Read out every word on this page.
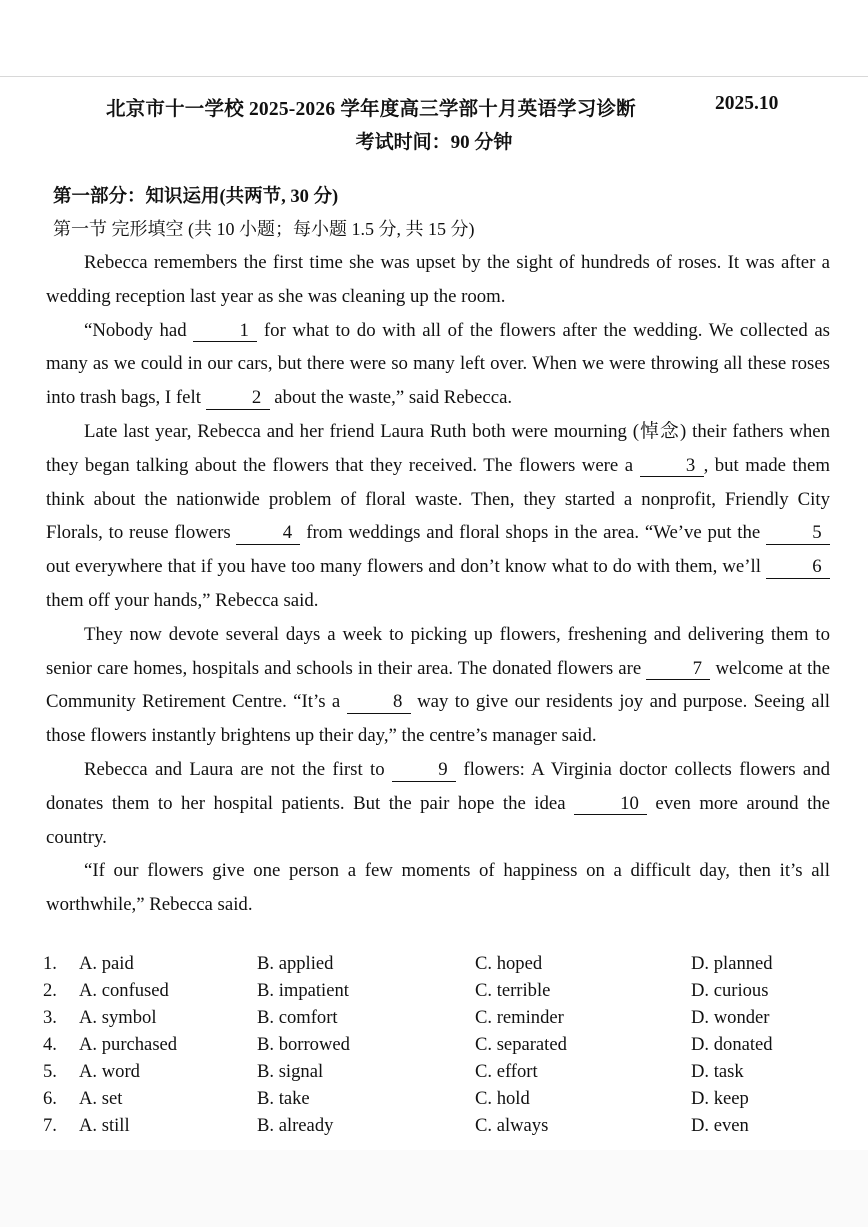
北京市十一学校 2025-2026 学年度高三学部十月英语学习诊断	2025.10
考试时间：90 分钟
第一部分：知识运用(共两节, 30 分)
第一节 完形填空 (共 10 小题；每小题 1.5 分, 共 15 分)

Rebecca remembers the first time she was upset by the sight of hundreds of roses. It was after a wedding reception last year as she was cleaning up the room.

“Nobody had 1 for what to do with all of the flowers after the wedding. We collected as many as we could in our cars, but there were so many left over. When we were throwing all these roses into trash bags, I felt 2 about the waste,” said Rebecca.

Late last year, Rebecca and her friend Laura Ruth both were mourning (悼念) their fathers when they began talking about the flowers that they received. The flowers were a 3 , but made them think about the nationwide problem of floral waste. Then, they started a nonprofit, Friendly City Florals, to reuse flowers 4 from weddings and floral shops in the area. “We’ve put the 5 out everywhere that if you have too many flowers and don’t know what to do with them, we’ll 6 them off your hands,” Rebecca said.

They now devote several days a week to picking up flowers, freshening and delivering them to senior care homes, hospitals and schools in their area. The donated flowers are 7 welcome at the Community Retirement Centre. “It’s a 8 way to give our residents joy and purpose. Seeing all those flowers instantly brightens up their day,” the centre’s manager said.

Rebecca and Laura are not the first to 9 flowers: A Virginia doctor collects flowers and donates them to her hospital patients. But the pair hope the idea 10 even more around the country.

“If our flowers give one person a few moments of happiness on a difficult day, then it’s all worthwhile,” Rebecca said.

1. A. paid	B. applied	C. hoped	D. planned
2. A. confused	B. impatient	C. terrible	D. curious
3. A. symbol	B. comfort	C. reminder	D. wonder
4. A. purchased	B. borrowed	C. separated	D. donated
5. A. word	B. signal	C. effort	D. task
6. A. set	B. take	C. hold	D. keep
7. A. still	B. already	C. always	D. even
